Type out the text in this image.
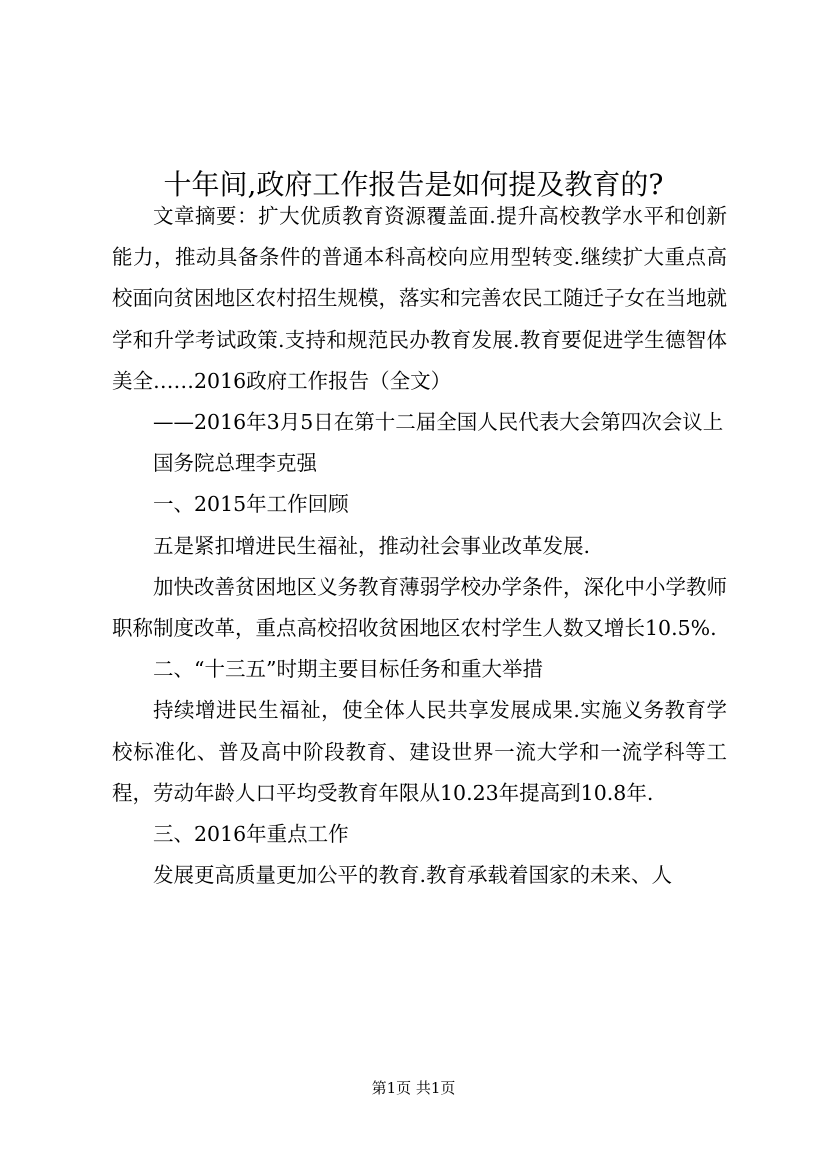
十年间,政府工作报告是如何提及教育的?

文章摘要：扩大优质教育资源覆盖面.提升高校教学水平和创新能力，推动具备条件的普通本科高校向应用型转变.继续扩大重点高校面向贫困地区农村招生规模，落实和完善农民工随迁子女在当地就学和升学考试政策.支持和规范民办教育发展.教育要促进学生德智体美全……2016政府工作报告（全文）

——2016年3月5日在第十二届全国人民代表大会第四次会议上

国务院总理李克强

一、2015年工作回顾

五是紧扣增进民生福祉，推动社会事业改革发展.

加快改善贫困地区义务教育薄弱学校办学条件，深化中小学教师职称制度改革，重点高校招收贫困地区农村学生人数又增长10.5%.

二、“十三五”时期主要目标任务和重大举措

持续增进民生福祉，使全体人民共享发展成果.实施义务教育学校标准化、普及高中阶段教育、建设世界一流大学和一流学科等工程，劳动年龄人口平均受教育年限从10.23年提高到10.8年.

三、2016年重点工作

发展更高质量更加公平的教育.教育承载着国家的未来、人

第1页 共1页
